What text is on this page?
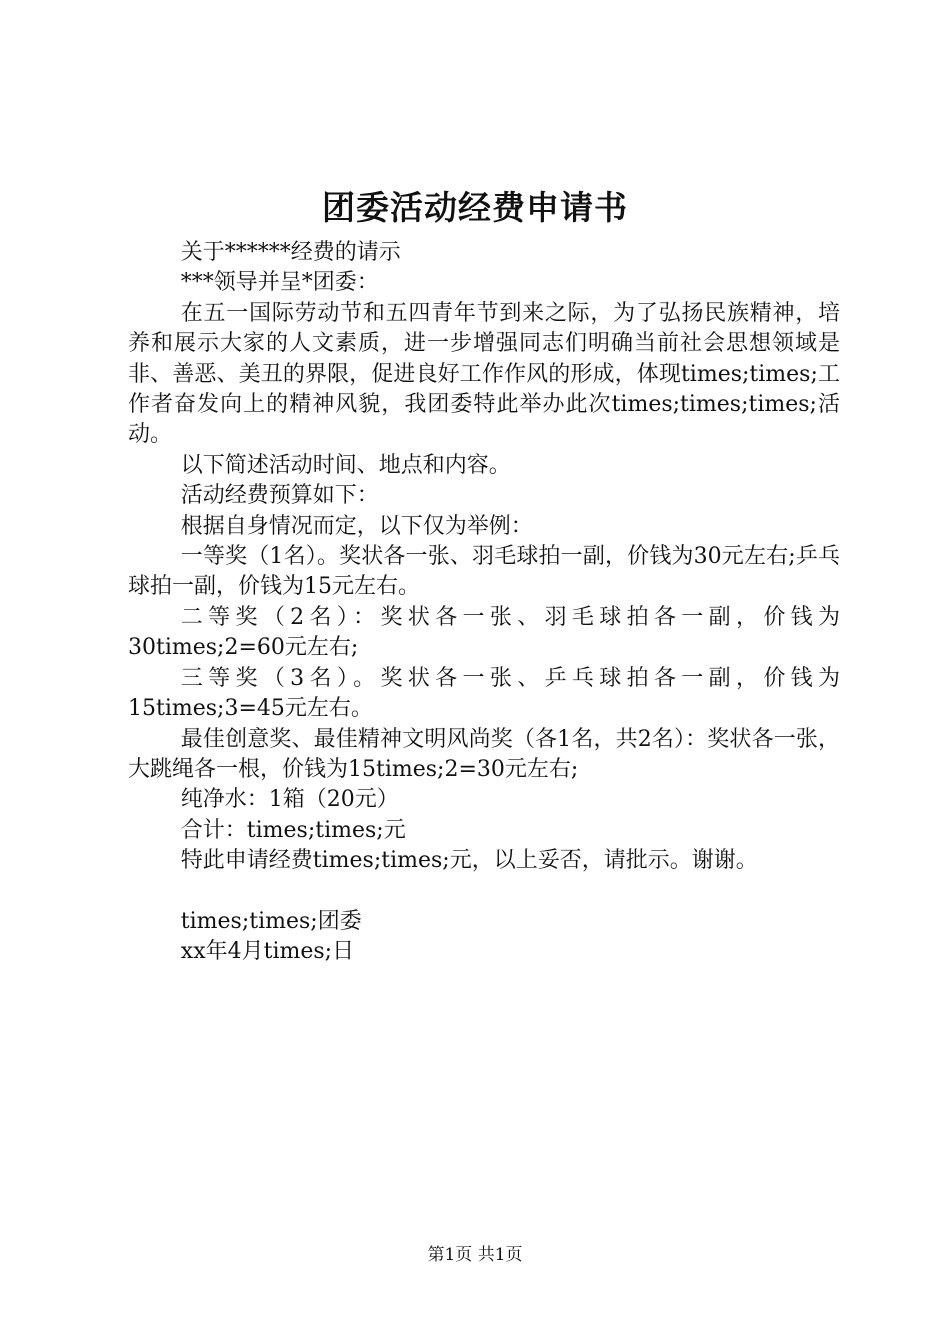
团委活动经费申请书

关于******经费的请示

***领导并呈*团委：

在五一国际劳动节和五四青年节到来之际，为了弘扬民族精神，培养和展示大家的人文素质，进一步增强同志们明确当前社会思想领域是非、善恶、美丑的界限，促进良好工作作风的形成，体现times;times;工作者奋发向上的精神风貌，我团委特此举办此次times;times;times;活动。

以下简述活动时间、地点和内容。

活动经费预算如下：

根据自身情况而定，以下仅为举例：

一等奖（1名）。奖状各一张、羽毛球拍一副，价钱为30元左右;乒乓球拍一副，价钱为15元左右。

二等奖（2名）：奖状各一张、羽毛球拍各一副，价钱为30times;2=60元左右;

三等奖（3名）。奖状各一张、乒乓球拍各一副，价钱为15times;3=45元左右。

最佳创意奖、最佳精神文明风尚奖（各1名，共2名）：奖状各一张，大跳绳各一根，价钱为15times;2=30元左右;

纯净水：1箱（20元）

合计：times;times;元

特此申请经费times;times;元，以上妥否，请批示。谢谢。

times;times;团委

xx年4月times;日

第1页 共1页
